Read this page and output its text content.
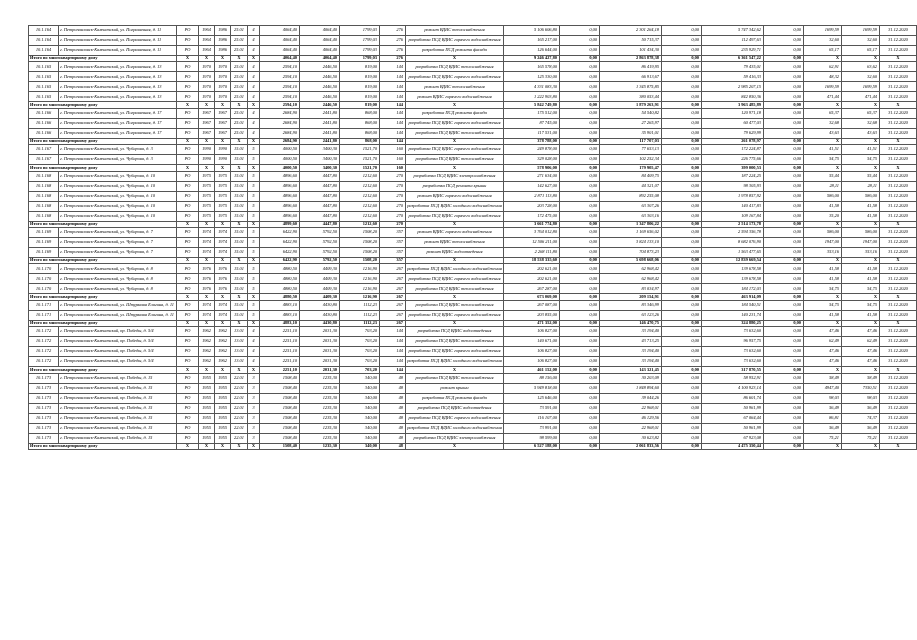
10.1.164	г. Петропавловск-Камчатский, ул. Пограничная, д. 11	РО	1964	1986	25.01	4	4064,40	4064,40	1799,03	276	ремонт ВДИС теплоснабжения	5 106 606,80	0,00	2 301 264,18	0,00	5 747 342,62	0,00	1699,59	1699,59	31.12.2020
10.1.164	г. Петропавловск-Камчатский, ул. Пограничная, д. 11	РО	1964	1986	25.01	4	4064,40	4064,40	1799,03	276	разработка ПСД ВДИС горячего водоснабжения	165 217,00	0,00	50 715,37	0,00	112 497,63	0,00	32,60	32,60	31.12.2020
10.1.164	г. Петропавловск-Камчатский, ул. Пограничная, д. 11	РО	1964	1986	25.01	4	4064,40	4064,40	1799,03	276	разработка ПСД ремонта фасада	126 644,00	0,00	101 434,30	0,00	235 929,71	0,00	65,17	65,17	31.12.2020
Итого по многоквартирному дому		X	X	X	X	X	4064,40	4064,40	1799,03	276	X	9 246 427,80	0,00	2 863 878,38	0,00	6 361 547,22	0,00	X	X	X
10.1.165	г. Петропавловск-Камчатский, ул. Пограничная, д. 13	РО	1970	1970	25.01	4	2594,10	2446,50	819,00	144	разработка ПСД ВДИС теплоснабжения	165 578,00	0,00	86 419,95	0,00	79 435,01	0,00	62,91	63,62	31.12.2020
10.1.165	г. Петропавловск-Камчатский, ул. Пограничная, д. 13	РО	1970	1970	25.01	4	2594,10	2446,50	819,00	144	разработка ПСД ВДИС горячего водоснабжения	125 330,00	0,00	66 913,67	0,00	59 416,33	0,00	48,32	32,60	31.12.2020
10.1.165	г. Петропавловск-Камчатский, ул. Пограничная, д. 13	РО	1970	1970	25.01	4	2594,10	2446,50	819,00	144	ремонт ВДИС теплоснабжения	4 331 083,30	0,00	1 345 875,85	0,00	2 985 207,15	0,00	1699,59	1699,59	31.12.2020
10.1.165	г. Петропавловск-Камчатский, ул. Пограничная, д. 13	РО	1970	1970	25.01	4	2594,10	2446,50	819,00	144	ремонт ВДИС горячего водоснабжения	1 222 903,80	0,00	380 053,44	0,00	842 850,36	0,00	471,44	471,44	31.12.2020
Итого по многоквартирному дому		X	X	X	X	X	2594,10	2446,50	819,00	144	X	5 842 749,80	0,00	1 879 263,91	0,00	3 963 485,89	0,00	X	X	X
10.1.166	г. Петропавловск-Камчатский, ул. Пограничная, д. 17	РО	1967	1967	25.01	4	2684,90	2441,80	868,00	144	разработка ПСД ремонта фасада	175 512,00	0,00	54 540,82	0,00	120 971,18	0,00	65,37	65,37	31.12.2020
10.1.166	г. Петропавловск-Камчатский, ул. Пограничная, д. 17	РО	1967	1967	25.01	4	2684,90	2441,80	868,00	144	разработка ПСД ВДИС горячего водоснабжения	87 745,00	0,00	27 265,97	0,00	60 477,03	0,00	32,68	32,68	31.12.2020
10.1.166	г. Петропавловск-Камчатский, ул. Пограничная, д. 17	РО	1967	1967	25.01	4	2684,90	2441,80	868,00	144	разработка ПСД ВДИС теплоснабжения	117 531,00	0,00	35 901,01	0,00	79 629,99	0,00	43,63	43,63	31.12.2020
Итого по многоквартирному дому		X	X	X	X	X	2684,90	2441,80	868,00	144	X	378 788,00	0,00	117 707,03	0,00	261 078,97	0,00	X	X	X
10.1.167	г. Петропавловск-Камчатский, ул. Чубарова, д. 3	РО	1990	1990	15.01	5	4000,50	3400,30	1521,70	160	разработка ПСД ВДИС горячего водоснабжения	249 878,00	0,00	77 653,13	0,00	172 224,87	0,00	41,51	41,51	31.12.2020
10.1.167	г. Петропавловск-Камчатский, ул. Чубарова, д. 3	РО	1990	1990	15.01	5	4000,50	3400,30	1521,70	160	разработка ПСД ВДИС теплоснабжения	329 028,00	0,00	102 252,34	0,00	226 775,66	0,00	54,75	54,75	31.12.2020
Итого по многоквартирному дому		X	X	X	X	X	4000,50	3400,30	1521,70	160	X	578 906,00	0,00	179 905,47	0,00	399 000,53	0,00	X	X	X
10.1.168	г. Петропавловск-Камчатский, ул. Чубарова, д. 10	РО	1975	1975	15.01	5	4896,60	4447,80	1212,60	270	разработка ПСД ВДИС электроснабжения	271 634,00	0,00	84 409,75	0,00	187 224,25	0,00	55,44	55,44	31.12.2020
10.1.168	г. Петропавловск-Камчатский, ул. Чубарова, д. 10	РО	1975	1975	15.01	5	4896,60	4447,80	1212,60	270	разработка ПСД ремонта крыши	142 627,00	0,00	44 321,07	0,00	98 305,93	0,00	28,11	28,11	31.12.2020
10.1.168	г. Петропавловск-Камчатский, ул. Чубарова, д. 10	РО	1975	1975	15.01	5	4896,60	4447,80	1212,60	270	ремонт ВДИС горячего водоснабжения	2 871 113,80	0,00	892 255,08	0,00	1 978 857,92	0,00	586,00	586,00	31.12.2020
10.1.168	г. Петропавловск-Камчатский, ул. Чубарова, д. 10	РО	1975	1975	15.01	5	4896,60	4447,80	1212,60	270	разработка ПСД ВДИС холодного водоснабжения	203 728,00	0,00	63 307,26	0,00	140 417,83	0,00	41,58	41,58	31.12.2020
10.1.168	г. Петропавловск-Камчатский, ул. Чубарова, д. 10	РО	1975	1975	15.01	5	4896,60	4447,80	1212,60	270	разработка ПСД ВДИС горячего водоснабжения	172 475,00	0,00	63 303,16	0,00	109 167,84	0,00	35,20	41,58	31.12.2020
Итого по многоквартирному дому		X	X	X	X	X	4899,60	4447,80	1212,60	270	X	3 661 774,80	0,00	1 347 806,22	0,00	2 514 173,78	0,00	X	X	X
10.1.169	г. Петропавловск-Камчатский, ул. Чубарова, д. 7	РО	1974	1974	15.01	5	6422,90	5792,50	1508,20	357	ремонт ВДИС горячего водоснабжения	3 764 012,80	0,00	1 169 656,02	0,00	2 594 356,78	0,00	586,00	586,00	31.12.2020
10.1.169	г. Петропавловск-Камчатский, ул. Чубарова, д. 7	РО	1974	1974	15.01	5	6422,90	5792,50	1508,20	357	ремонт ВДИС теплоснабжения	12 506 211,00	0,00	3 824 133,10	0,00	8 682 076,90	0,00	1947,00	1947,00	31.12.2020
10.1.169	г. Петропавловск-Камчатский, ул. Чубарова, д. 7	РО	1974	1974	15.01	5	6422,90	5792,50	1508,20	357	ремонт ВДИС водоотведения	2 268 111,80	0,00	704 873,23	0,00	1 563 477,65	0,00	353,16	353,16	31.12.2020
Итого по многоквартирному дому		X	X	X	X	X	6422,90	5792,50	1508,20	357	X	18 538 335,60	0,00	5 698 668,06	0,00	12 839 669,54	0,00	X	X	X
10.1.170	г. Петропавловск-Камчатский, ул. Чубарова, д. 8	РО	1976	1976	15.01	5	4880,50	4409,30	1216,90	267	разработка ПСД ВДИС холодного водоснабжения	202 621,00	0,00	62 968,42	0,00	139 678,58	0,00	41,58	41,58	31.12.2020
10.1.170	г. Петропавловск-Камчатский, ул. Чубарова, д. 8	РО	1976	1976	15.01	5	4880,50	4409,30	1216,90	267	разработка ПСД ВДИС горячего водоснабжения	202 621,00	0,00	62 968,42	0,00	139 678,58	0,00	41,58	41,58	31.12.2020
10.1.170	г. Петропавловск-Камчатский, ул. Чубарова, д. 8	РО	1976	1976	15.01	5	4880,50	4409,30	1216,90	267	разработка ПСД ВДИС теплоснабжения	267 287,00	0,00	83 034,97	0,00	184 172,03	0,00	54,75	54,75	31.12.2020
Итого по многоквартирному дому		X	X	X	X	X	4880,50	4409,30	1216,90	267	X	673 069,00	0,00	209 154,91	0,00	463 914,09	0,00	X	X	X
10.1.171	г. Петропавловск-Камчатский, ул. Штурмана Елагина, д. 11	РО	1974	1974	15.01	5	4883,10	4430,80	1112,23	267	разработка ПСД ВДИС теплоснабжения	267 087,00	0,00	83 346,99	0,00	184 540,51	0,00	54,75	54,75	31.12.2020
10.1.171	г. Петропавловск-Камчатский, ул. Штурмана Елагина, д. 11	РО	1974	1974	15.01	5	4883,10	4430,80	1112,23	267	разработка ПСД ВДИС горячего водоснабжения	203 855,00	0,00	63 123,26	0,00	140 231,74	0,00	41,58	41,58	31.12.2020
Итого по многоквартирному дому		X	X	X	X	X	4883,10	4430,80	1112,23	267	X	471 352,00	0,00	146 470,75	0,00	324 880,25	0,00	X	X	X
10.1.172	г. Петропавловск-Камчатский, пр. Победы, д. 5/4	РО	1962	1962	13.01	4	2251,10	2031,30	703,20	144	разработка ПСД ВДИС водоотведения	106 827,00	0,00	33 194,40	0,00	73 632,60	0,00	47,46	47,46	31.12.2020
10.1.172	г. Петропавловск-Камчатский, пр. Победы, д. 5/4	РО	1962	1962	13.01	4	2251,10	2031,30	703,20	144	разработка ПСД ВДИС теплоснабжения	140 671,00	0,00	43 713,25	0,00	96 957,75	0,00	62,49	62,49	31.12.2020
10.1.172	г. Петропавловск-Камчатский, пр. Победы, д. 5/4	РО	1962	1962	13.01	4	2251,10	2031,30	703,20	144	разработка ПСД ВДИС горячего водоснабжения	106 827,00	0,00	33 194,40	0,00	73 632,60	0,00	47,46	47,46	31.12.2020
10.1.172	г. Петропавловск-Камчатский, пр. Победы, д. 5/4	РО	1962	1962	13.01	4	2251,10	2031,30	703,20	144	разработка ПСД ВДИС холодного водоснабжения	106 827,00	0,00	33 194,40	0,00	73 632,60	0,00	47,46	47,46	31.12.2020
Итого по многоквартирному дому		X	X	X	X	X	2251,10	2031,30	703,20	144	X	461 152,00	0,00	143 321,45	0,00	317 870,55	0,00	X	X	X
10.1.173	г. Петропавловск-Камчатский, пр. Победы, д. 15	РО	1955	1955	22.01	3	1508,40	1235,30	340,00	48	разработка ПСД ВДИС теплоснабжения	88 156,00	0,00	30 203,09	0,00	58 952,91	0,00	58,49	58,49	31.12.2020
10.1.173	г. Петропавловск-Камчатский, пр. Победы, д. 15	РО	1955	1955	22.01	3	1508,40	1235,30	340,00	48	ремонт крыши	5 949 818,00	0,00	1 848 894,60	0,00	4 100 923,14	0,00	4947,40	7350,51	31.12.2020
10.1.173	г. Петропавловск-Камчатский, пр. Победы, д. 15	РО	1955	1955	22.01	3	1508,40	1235,30	340,00	48	разработка ПСД ремонта фасада	125 646,00	0,00	39 044,26	0,00	86 601,74	0,00	98,03	98,03	31.12.2020
10.1.173	г. Петропавловск-Камчатский, пр. Победы, д. 15	РО	1955	1955	22.01	3	1508,40	1235,30	340,00	48	разработка ПСД ВДИС водоотведения	73 591,00	0,00	22 968,01	0,00	50 961,99	0,00	56,49	56,49	31.12.2020
10.1.173	г. Петропавловск-Камчатский, пр. Победы, д. 15	РО	1955	1955	22.01	3	1508,40	1235,30	340,00	48	разработка ПСД ВДИС горячего водоснабжения	116 107,00	0,00	46 129,56	0,00	67 064,44	0,00	86,81	74,37	31.12.2020
10.1.173	г. Петропавловск-Камчатский, пр. Победы, д. 15	РО	1955	1955	22.01	3	1508,40	1235,30	340,00	48	разработка ПСД ВДИС холодного водоснабжения	73 991,00	0,00	22 968,01	0,00	50 961,99	0,00	56,49	56,49	31.12.2020
10.1.173	г. Петропавловск-Камчатский, пр. Победы, д. 15	РО	1955	1955	22.01	3	1508,40	1235,30	340,00	48	разработка ПСД ВДИС электроснабжения	98 599,00	0,00	30 623,82	0,00	67 923,08	0,00	75,21	75,21	31.12.2020
Итого по многоквартирному дому		X	X	X	X	X	1508,40	1235,30	340,00	48	X	6 527 188,00	0,00	2 061 833,56	0,00	4 475 350,44	0,00	X	X	X
